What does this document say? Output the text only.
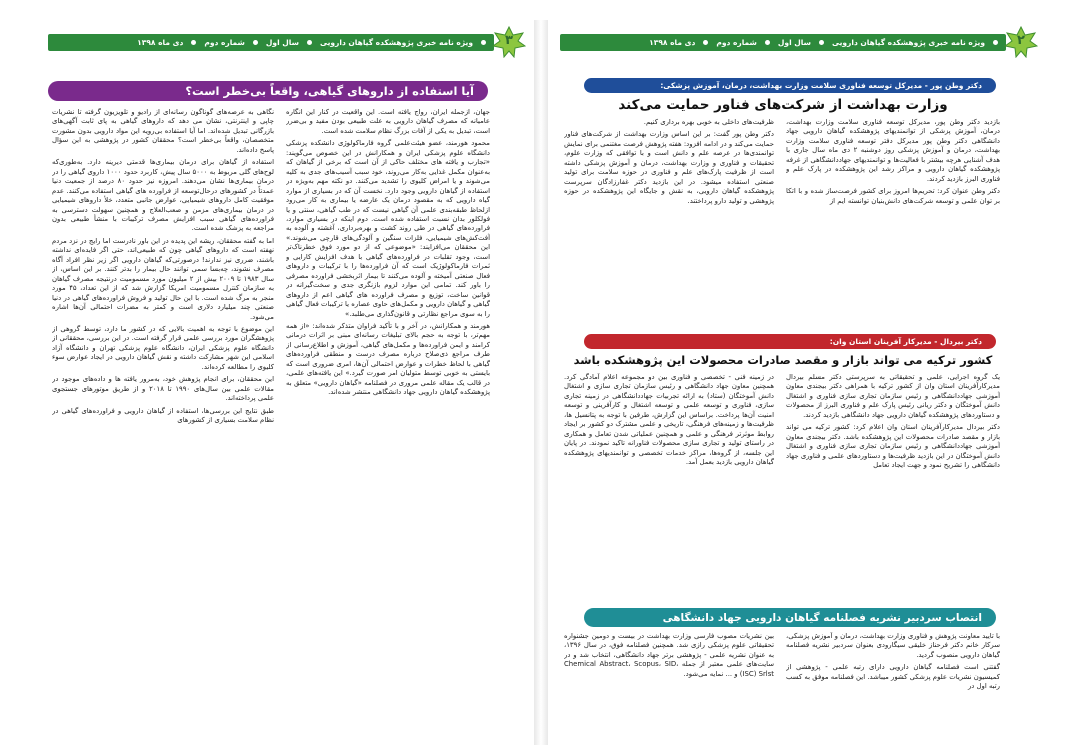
ویژه نامه خبری پژوهشکده گیاهان دارویی
سال اول
شماره دوم
دی ماه ۱۳۹۸	۳
آیا استفاده از داروهای گیاهی، واقعاً بی‌خطر است؟

جهان، ازجمله ایران، رواج یافته است. این واقعیت در کنار این انگاره عامیانه که مصرف گیاهان دارویی به علت طبیعی بودن مفید و بی‌ضرر است، تبدیل به یکی از آفات بزرگ نظام سلامت شده است.

محمود هورمند، عضو هیئت‌علمی گروه فارماکولوژی دانشکده پزشکی دانشگاه علوم پزشکی ایران و همکارانش در این خصوص می‌گویند: «تجارب و یافته های مختلف حاکی از آن است که برخی از گیاهان که به‌عنوان مکمل غذایی به‌کار می‌روند، خود سبب آسیب‌های جدی به کلیه می‌شوند و یا امراض کلیوی را تشدید می‌کنند. دو نکته مهم به‌ویژه در استفاده از گیاهان دارویی وجود دارد. نخست آن که در بسیاری از موارد گیاه دارویی که به مقصود درمان یک عارضه یا بیماری به کار می‌رود ازلحاظ طبقه‌بندی علمی آن گیاهی نیست که در طب گیاهی، سنتی و یا فولکلور بدان نسبت استفاده شده است. دوم اینکه در بسیاری موارد، فراورده‌های گیاهی در طی روند کشت و بهره‌برداری، آغشته و آلوده به آفت‌کش‌های شیمیایی، فلزات سنگین و آلودگی‌های قارچی می‌شوند.» این محققان می‌افزایند: «موضوعی که از دو مورد فوق خطرناک‌تر است، وجود تقلبات در فراورده‌های گیاهی با هدف افزایش کارایی و ثمرات فارماکولوژیک است که آن فراورده‌ها را با ترکیبات و داروهای فعال صنعتی آمیخته و آلوده می‌کنند تا بیمار اثربخشی فراورده مصرفی را باور کند. تمامی این موارد لزوم بازنگری جدی و سخت‌گیرانه در قوانین ساخت، توزیع و مصرف فراورده های گیاهی اعم از داروهای گیاهی و گیاهان دارویی و مکمل‌های حاوی عصاره یا ترکیبات فعال گیاهی را به سوی مراجع نظارتی و قانون‌گذاری می‌طلبد.»

هورمند و همکارانش، در آخر و با تأکید فراوان متذکر شده‌اند: «از همه مهم‌تر، با توجه به حجم بالای تبلیغات رسانه‌ای مبنی بر اثرات درمانی کرامند و ایمن فراورده‌ها و مکمل‌های گیاهی، آموزش و اطلاع‌رسانی از طرف مراجع ذی‌صلاح درباره مصرف درست و منطقی فراورده‌های گیاهی با لحاظ خطرات و عوارض احتمالی آن‌ها، امری ضروری است که بایستی به خوبی توسط متولیان امر صورت گیرد.» این یافته‌های علمی، در قالب یک مقاله علمی مروری در فصلنامه «گیاهان دارویی» متعلق به پژوهشکده گیاهان دارویی جهاد دانشگاهی منتشر شده‌اند.

نگاهی به عرصه‌های گوناگون رسانه‌ای از رادیو و تلویزیون گرفته تا نشریات چاپی و اینترنتی، نشان می دهد که داروهای گیاهی به پای ثابت آگهی‌های بازرگانی تبدیل شده‌اند. اما آیا استفاده بی‌رویه این مواد دارویی بدون مشورت متخصصان، واقعاً بی‌خطر است؟ محققان کشور در پژوهشی به این سؤال پاسخ داده‌اند.

استفاده از گیاهان برای درمان بیماری‌ها قدمتی دیرینه دارد. به‌طوری‌که لوح‌های گلی مربوط به ۵۰۰۰ سال پیش، کاربرد حدود ۱۰۰۰ داروی گیاهی را در درمان بیماری‌ها نشان می‌دهند. امروزه نیز حدود ۸۰ درصد از جمعیت دنیا عمدتاً در کشورهای درحال‌توسعه از فراورده های گیاهی استفاده می‌کنند. عدم موفقیت کامل داروهای شیمیایی، عوارض جانبی متعدد، خلأ داروهای شیمیایی در درمان بیماری‌های مزمن و صعب‌العلاج و همچنین سهولت دسترسی به فراورده‌های گیاهی سبب افزایش مصرف ترکیبات با منشأ طبیعی بدون مراجعه به پزشک شده است.

اما به گفته محققان، ریشه این پدیده در این باور نادرست اما رایج در نزد مردم نهفته است که داروهای گیاهی چون که طبیعی‌اند، حتی اگر فایده‌ای نداشته باشند، ضرری نیز ندارند! درصورتی‌که گیاهان دارویی اگر زیر نظر افراد آگاه مصرف نشوند، چه‌بسا سمی توانند حال بیمار را بدتر کنند. بر این اساس، از سال ۱۹۸۳ تا ۲۰۰۹ بیش از ۲ میلیون مورد مسمومیت درنتیجه مصرف گیاهان به سازمان کنترل مسمومیت امریکا گزارش شد که از این تعداد، ۴۵ مورد منجر به مرگ شده است. با این حال تولید و فروش فراورده‌های گیاهی در دنیا صنعتی چند میلیارد دلاری است و کمتر به مضرات احتمالی آن‌ها اشاره می‌شود.

این موضوع با توجه به اهمیت بالایی که در کشور ما دارد، توسط گروهی از پژوهشگران مورد بررسی علمی قرار گرفته است. در این بررسی، محققانی از دانشگاه علوم پزشکی ایران، دانشگاه علوم پزشکی تهران و دانشگاه آزاد اسلامی این شهر مشارکت داشته و نقش گیاهان دارویی در ایجاد عوارض سوء کلیوی را مطالعه کرده‌اند.

این محققان، برای انجام پژوهش خود، به‌مرور یافته ها و داده‌های موجود در مقالات علمی بین سال‌های ۱۹۹۰ تا ۲۰۱۸ و از طریق موتورهای جستجوی علمی پرداخته‌اند.

طبق نتایج این بررسی‌ها، استفاده از گیاهان دارویی و فراورده‌های گیاهی در نظام سلامت بسیاری از کشورهای

ویژه نامه خبری پژوهشکده گیاهان دارویی
سال اول
شماره دوم
دی ماه ۱۳۹۸	۲
دکتر وطن پور - مدیرکل توسعه فناوری سلامت وزارت بهداشت، درمان، آموزش پزشکی:
وزارت بهداشت از شرکت‌های فناور حمایت می‌کند

بازدید دکتر وطن پور، مدیرکل توسعه فناوری سلامت وزارت بهداشت، درمان، آموزش پزشکی از توانمندیهای پژوهشکده گیاهان دارویی جهاد دانشگاهی دکتر وطن پور مدیرکل دفتر توسعه فناوری سلامت وزارت بهداشت، درمان و آموزش پزشکی روز دوشنبه ۲ دی ماه سال جاری با هدف آشنایی هرچه بیشتر با فعالیت‌ها و توانمندیهای جهاددانشگاهی از غرفه پژوهشکده گیاهان دارویی و مراکز رشد این پژوهشکده در پارک علم و فناوری البرز بازدید کردند.

دکتر وطن عنوان کرد: تحریم‌ها امروز برای کشور فرصت‌ساز شده و با اتکا بر توان علمی و توسعه شرکت‌های دانش‌بنیان توانسته ایم از

ظرفیت‌های داخلی به خوبی بهره برداری کنیم.

دکتر وطن پور گفت: بر این اساس وزارت بهداشت از شرکت‌های فناور حمایت می‌کند و در ادامه افزود: هفته پژوهش فرصت مغتنمی برای نمایش توانمندی‌ها در عرصه علم و دانش است و با توافقی که وزارت علوم، تحقیقات و فناوری و وزارت بهداشت، درمان و آموزش پزشکی داشته است از ظرفیت پارک‌های علم و فناوری در حوزه سلامت برای تولید صنعتی استفاده میشود. در این بازدید دکتر غفارزادگان سرپرست پژوهشکده گیاهان دارویی، به نقش و جایگاه این پژوهشکده در حوزه پژوهشی و تولید دارو پرداختند.

دکتر بیردال - مدیرکار آفرینان استان وان:
کشور ترکیه می تواند بازار و مقصد صادرات محصولات این پژوهشکده باشد

یک گروه اجرایی، علمی و تحقیقاتی به سرپرستی دکتر مسلم بیردال مدیرکارآفرینان استان وان از کشور ترکیه با همراهی دکتر بیجندی معاون آموزشی جهاددانشگاهی و رئیس سازمان تجاری سازی فناوری و اشتغال دانش آموختگان و دکتر ریانی رئیس پارک علم و فناوری البرز از محصولات و دستاوردهای پژوهشکده گیاهان دارویی جهاد دانشگاهی بازدید کردند.

دکتر بیردال مدیرکارآفرینان استان وان اعلام کرد: کشور ترکیه می تواند بازار و مقصد صادرات محصولات این پژوهشکده باشد. دکتر بیجندی معاون آموزشی جهاددانشگاهی و رئیس سازمان تجاری سازی فناوری و اشتغال دانش آموختگان در این بازدید ظرفیت‌ها و دستاوردهای علمی و فناوری جهاد دانشگاهی را تشریح نمود و جهت ایجاد تعامل

در زمینه فنی - تخصصی و فناوری بین دو مجموعه اعلام آمادگی کرد. همچنین معاون جهاد دانشگاهی و رئیس سازمان تجاری سازی و اشتغال دانش آموختگان (ستاد) به ارائه تجربیات جهاددانشگاهی در زمینه تجاری سازی، فناوری و توسعه علمی و توسعه اشتغال و کارآفرینی و توسعه امنیت آن‌ها پرداخت. براساس این گزارش، طرفین با توجه به پتانسیل ها، ظرفیت‌ها و زمینه‌های فرهنگی، تاریخی و علمی مشترک دو کشور بر ایجاد روابط موثرتر فرهنگی و علمی و همچنین عملیاتی شدن تعامل و همکاری در راستای تولید و تجاری سازی محصولات فناورانه تاکید نمودند. در پایان این جلسه، از گروه‌ها، مراکز خدمات تخصصی و توانمندیهای پژوهشکده گیاهان دارویی بازدید بعمل آمد.

انتصاب سردبیر نشریه فصلنامه گیاهان دارویی جهاد دانشگاهی

با تایید معاونت پژوهش و فناوری وزارت بهداشت، درمان و آموزش پزشکی، سرکار خانم دکتر فرحناز خلیقی سیگارودی بعنوان سردبیر نشریه فصلنامه گیاهان دارویی منصوب گردید.

گفتنی است فصلنامه گیاهان دارویی دارای رتبه علمی - پژوهشی از کمیسیون نشریات علوم پزشکی کشور میباشد. این فصلنامه موفق به کسب رتبه اول در

بین نشریات مصوب فارسی وزارت بهداشت در بیست و دومین جشنواره تحقیقاتی علوم پزشکی رازی شد. همچنین فصلنامه فوق، در سال ۱۳۹۶، به عنوان نشریه علمی - پژوهشی برتر جهاد دانشگاهی، انتخاب شد و در سایت‌های علمی معتبر از جمله Chemical Abstract، Scopus، SID، (ISC) Srlst و ... نمایه می‌شود.
